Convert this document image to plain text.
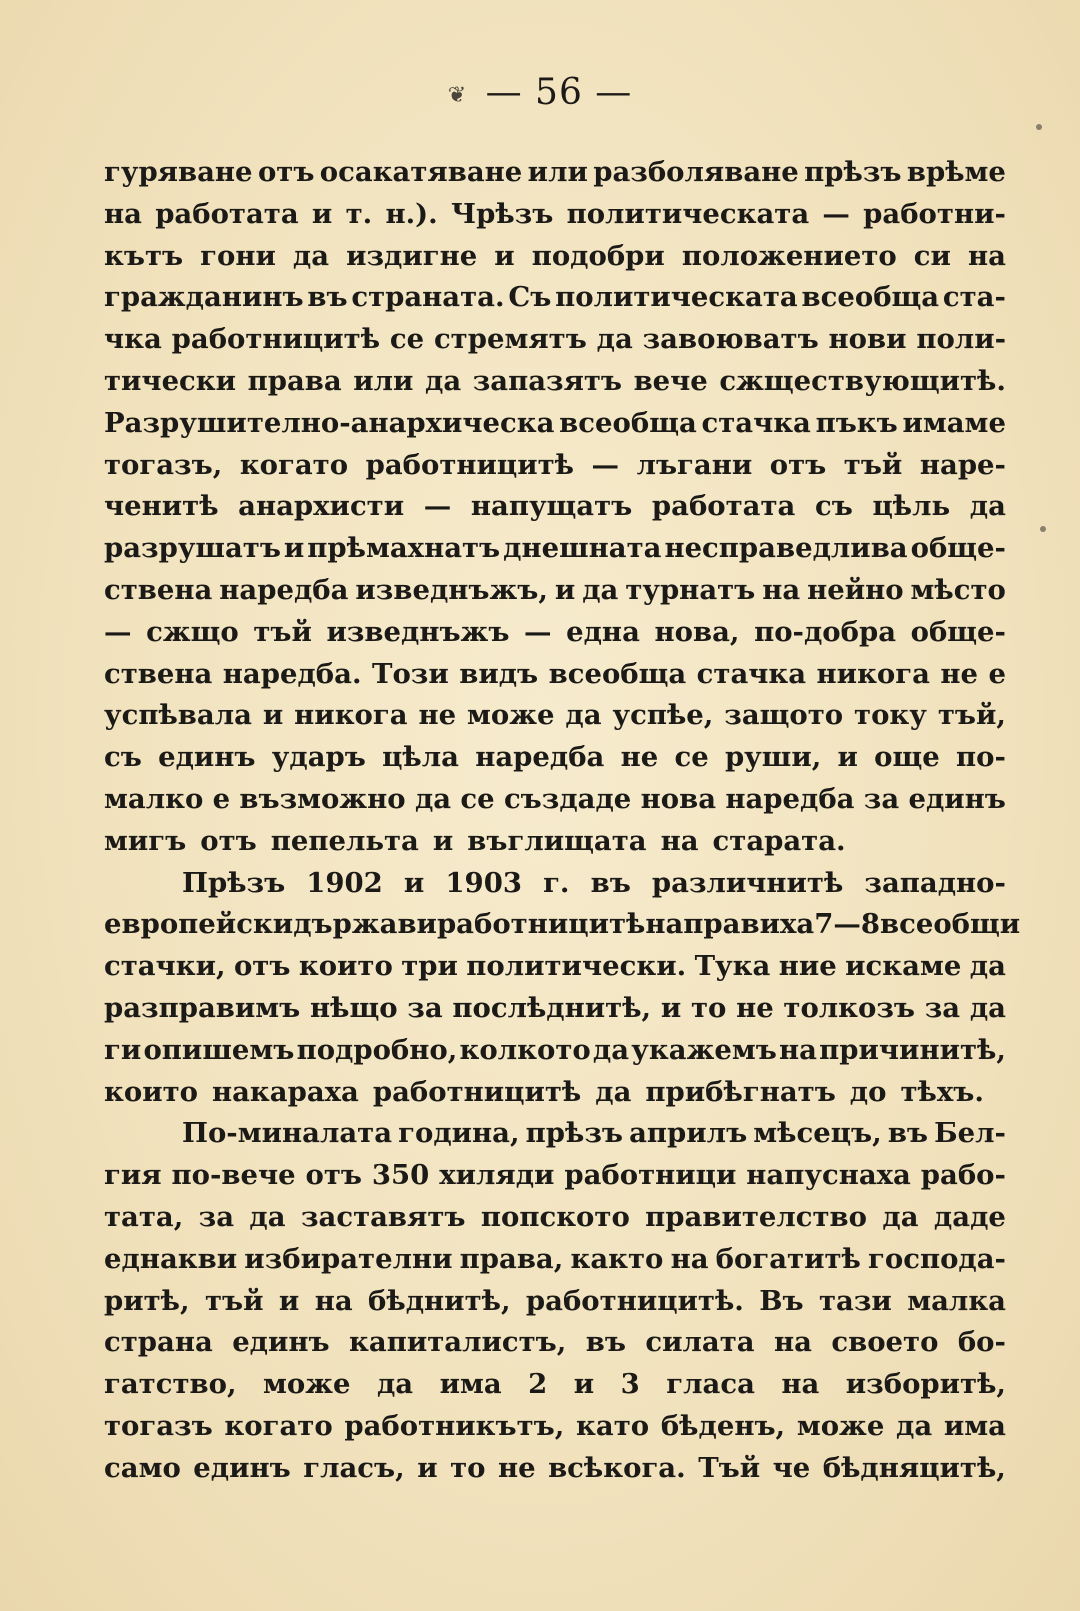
❦ — 56 —
гуряване отъ осакатяване или разболяване прѣзъ врѣме
на работата и т. н.). Чрѣзъ политическата — работни-
кътъ гони да издигне и подобри положението си на
гражданинъ въ страната. Съ политическата всеобща ста-
чка работницитѣ се стремятъ да завоюватъ нови поли-
тически права или да запазятъ вече сжществующитѣ.
Разрушително-анархическа всеобща стачка пъкъ имаме
тогазъ, когато работницитѣ — лъгани отъ тъй наре-
ченитѣ анархисти — напущатъ работата съ цѣль да
разрушатъ и прѣмахнатъ днешната несправедлива обще-
ствена наредба изведнъжъ, и да турнатъ на нейно мѣсто
— сжщо тъй изведнъжъ — една нова, по-добра обще-
ствена наредба. Този видъ всеобща стачка никога не е
успѣвала и никога не може да успѣе, защото току тъй,
съ единъ ударъ цѣла наредба не се руши, и още по-
малко е възможно да се създаде нова наредба за единъ
мигъ отъ пепельта и въглищата на старата.
Прѣзъ 1902 и 1903 г. въ различнитѣ западно-
европейски държави работницитѣ направиха 7—8 всеобщи
стачки, отъ които три политически. Тука ние искаме да
разправимъ нѣщо за послѣднитѣ, и то не толкозъ за да
ги опишемъ подробно, колкото да укажемъ на причинитѣ,
които накараха работницитѣ да прибѣгнатъ до тѣхъ.
По-миналата година, прѣзъ априлъ мѣсецъ, въ Бел-
гия по-вече отъ 350 хиляди работници напуснаха рабо-
тата, за да заставятъ попското правителство да даде
еднакви избирателни права, както на богатитѣ господа-
ритѣ, тъй и на бѣднитѣ, работницитѣ. Въ тази малка
страна единъ капиталистъ, въ силата на своето бо-
гатство, може да има 2 и 3 гласа на изборитѣ,
тогазъ когато работникътъ, като бѣденъ, може да има
само единъ гласъ, и то не всѣкога. Тъй че бѣдняцитѣ,
